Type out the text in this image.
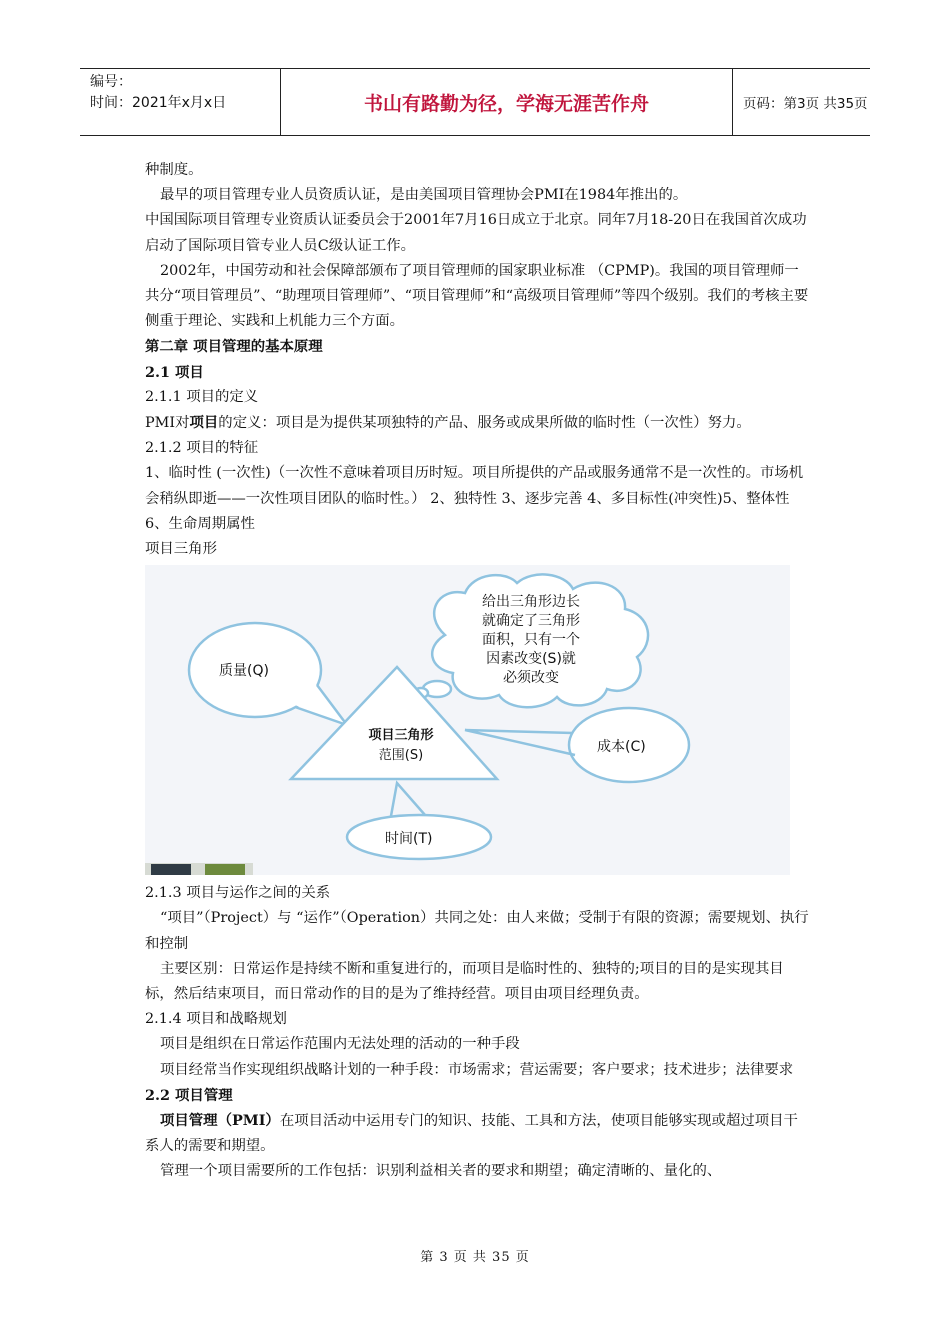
编号：
时间：2021年x月x日	书山有路勤为径，学海无涯苦作舟	页码：第3页 共35页

种制度。

最早的项目管理专业人员资质认证，是由美国项目管理协会PMI在1984年推出的。

中国国际项目管理专业资质认证委员会于2001年7月16日成立于北京。同年7月18-20日在我国首次成功启动了国际项目管专业人员C级认证工作。

2002年，中国劳动和社会保障部颁布了项目管理师的国家职业标准 （CPMP)。我国的项目管理师一共分“项目管理员”、“助理项目管理师”、“项目管理师”和“高级项目管理师”等四个级别。我们的考核主要侧重于理论、实践和上机能力三个方面。

第二章 项目管理的基本原理

2.1 项目

2.1.1 项目的定义

PMI对项目的定义：项目是为提供某项独特的产品、服务或成果所做的临时性（一次性）努力。

2.1.2 项目的特征

1、临时性 (一次性)（一次性不意味着项目历时短。项目所提供的产品或服务通常不是一次性的。市场机会稍纵即逝——一次性项目团队的临时性。） 2、独特性 3、逐步完善 4、多目标性(冲突性)5、整体性 6、生命周期属性

项目三角形

质量(Q)
成本(C)
时间(T)
项目三角形
范围(S)
给出三角形边长
就确定了三角形
面积，只有一个
因素改变(S)就
必须改变

2.1.3 项目与运作之间的关系

“项目”（Project）与 “运作”（Operation）共同之处：由人来做；受制于有限的资源；需要规划、执行和控制

主要区别：日常运作是持续不断和重复进行的，而项目是临时性的、独特的;项目的目的是实现其目标，然后结束项目，而日常动作的目的是为了维持经营。项目由项目经理负责。

2.1.4 项目和战略规划

项目是组织在日常运作范围内无法处理的活动的一种手段

项目经常当作实现组织战略计划的一种手段：市场需求；营运需要；客户要求；技术进步；法律要求

2.2 项目管理

项目管理（PMI）在项目活动中运用专门的知识、技能、工具和方法，使项目能够实现或超过项目干系人的需要和期望。

管理一个项目需要所的工作包括：识别利益相关者的要求和期望；确定清晰的、量化的、

第 3 页 共 35 页
